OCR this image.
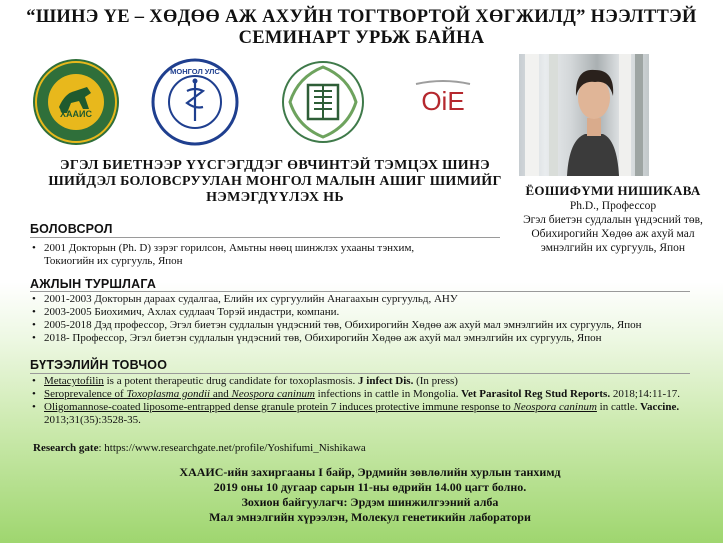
“ШИНЭ ҮЕ – ХӨДӨӨ АЖ АХУЙН ТОГТВОРТОЙ ХӨГЖИЛД” НЭЭЛТТЭЙ
СЕМИНАРТ УРЬЖ БАЙНА
ХААИС
МОНГОЛ УЛС
OiE
ЭГЭЛ БИЕТНЭЭР ҮҮСГЭГДДЭГ ӨВЧИНТЭЙ ТЭМЦЭХ ШИНЭ ШИЙДЭЛ БОЛОВСРУУЛАН МОНГОЛ МАЛЫН АШИГ ШИМИЙГ НЭМЭГДҮҮЛЭХ НЬ	ЁОШИФҮМИ НИШИКАВА
Ph.D., Профессор
Эгэл биетэн судлалын үндэсний төв, Обихирогийн Хөдөө аж ахуй мал эмнэлгийн их сургууль, Япон
БОЛОВСРОЛ
• 2001 Докторын (Ph. D) зэрэг горилсон, Амьтны нөөц шинжлэх ухааны тэнхим, Токиогийн их сургууль, Япон
АЖЛЫН ТУРШЛАГА
• 2001-2003 Докторын дараах судалгаа, Елийн их сургуулийн Анагаахын сургуульд, АНУ
• 2003-2005 Биохимич, Ахлах судлаач Торэй индастри, компани.
• 2005-2018 Дэд профессор, Эгэл биетэн судлалын үндэсний төв, Обихирогийн Хөдөө аж ахуй мал эмнэлгийн их сургууль, Япон
• 2018- Профессор, Эгэл биетэн судлалын үндэсний төв, Обихирогийн Хөдөө аж ахуй мал эмнэлгийн их сургууль, Япон
БҮТЭЭЛИЙН ТОВЧОО
• Metacytofilin is a potent therapeutic drug candidate for toxoplasmosis. J infect Dis. (In press)
• Seroprevalence of Toxoplasma gondii and Neospora caninum infections in cattle in Mongolia. Vet Parasitol Reg Stud Reports. 2018;14:11-17.
• Oligomannose-coated liposome-entrapped dense granule protein 7 induces protective immune response to Neospora caninum in cattle. Vaccine. 2013;31(35):3528-35.
Research gate: https://www.researchgate.net/profile/Yoshifumi_Nishikawa
ХААИС-ийн захиргааны I байр, Эрдмийн зөвлөлийн хурлын танхимд
2019 оны 10 дугаар сарын 11-ны өдрийн 14.00 цагт болно.
Зохион байгуулагч: Эрдэм шинжилгээний алба
Мал эмнэлгийн хүрээлэн, Молекул генетикийн лаборатори
